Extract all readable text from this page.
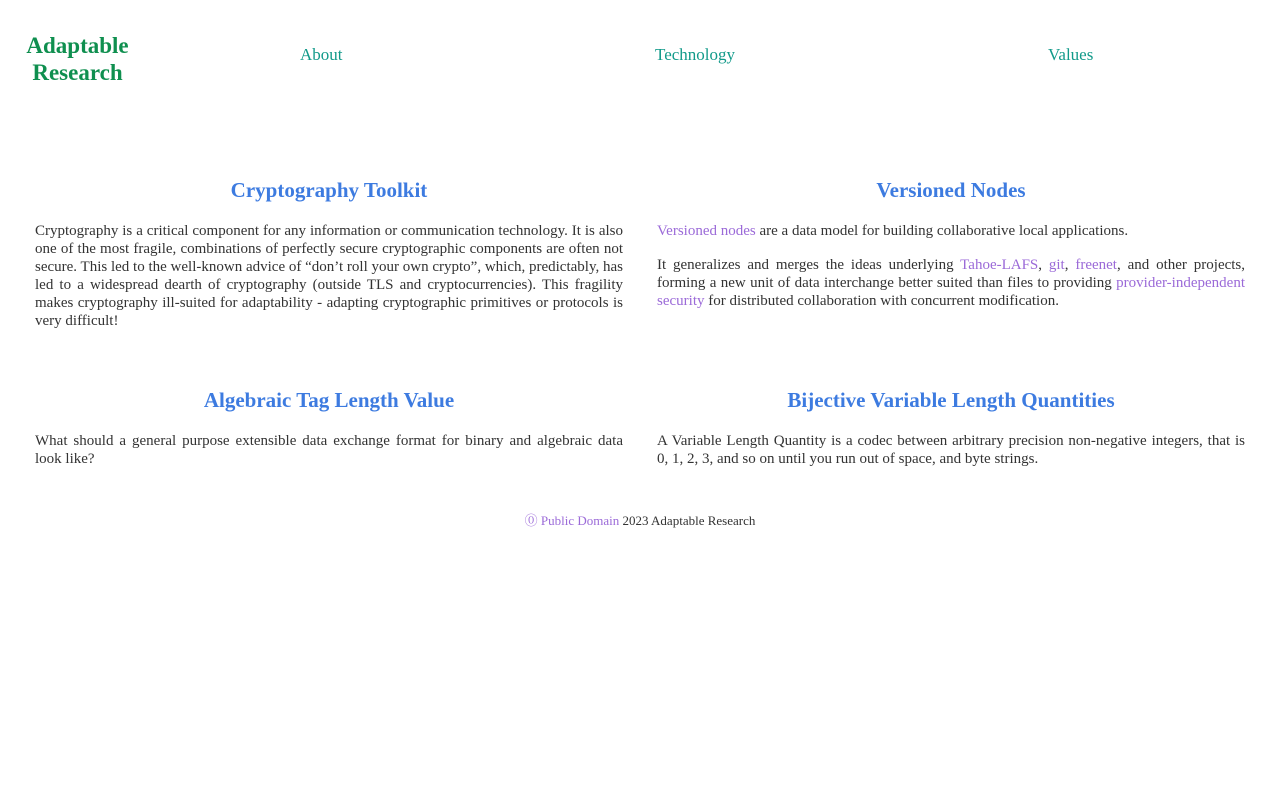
Adaptable
Research
About	Technology	Values
Cryptography Toolkit

Cryptography is a critical component for any information or communication technology. It is also one of the most fragile, combinations of perfectly secure cryptographic components are often not secure. This led to the well-known advice of “don’t roll your own crypto”, which, predictably, has led to a widespread dearth of cryptography (outside TLS and cryptocurrencies). This fragility makes cryptography ill-suited for adaptability - adapting cryptographic primitives or protocols is very difficult!

Versioned Nodes

Versioned nodes are a data model for building collaborative local applications.

It generalizes and merges the ideas underlying Tahoe-LAFS, git, freenet, and other projects, forming a new unit of data interchange better suited than files to providing provider-independent security for distributed collaboration with concurrent modification.

Algebraic Tag Length Value

What should a general purpose extensible data exchange format for binary and algebraic data look like?

Bijective Variable Length Quantities

A Variable Length Quantity is a codec between arbitrary precision non-negative integers, that is 0, 1, 2, 3, and so on until you run out of space, and byte strings.

⓪ Public Domain 2023 Adaptable Research
